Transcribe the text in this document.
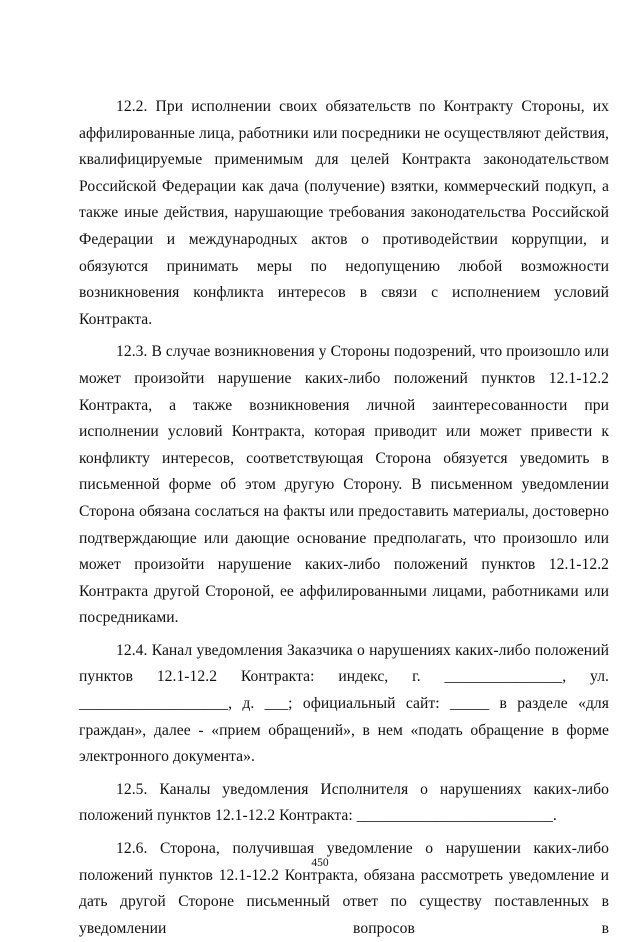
12.2. При исполнении своих обязательств по Контракту Стороны, их аффилированные лица, работники или посредники не осуществляют действия, квалифицируемые применимым для целей Контракта законодательством Российской Федерации как дача (получение) взятки, коммерческий подкуп, а также иные действия, нарушающие требования законодательства Российской Федерации и международных актов о противодействии коррупции, и обязуются принимать меры по недопущению любой возможности возникновения конфликта интересов в связи с исполнением условий Контракта.

12.3. В случае возникновения у Стороны подозрений, что произошло или может произойти нарушение каких-либо положений пунктов 12.1-12.2 Контракта, а также возникновения личной заинтересованности при исполнении условий Контракта, которая приводит или может привести к конфликту интересов, соответствующая Сторона обязуется уведомить в письменной форме об этом другую Сторону. В письменном уведомлении Сторона обязана сослаться на факты или предоставить материалы, достоверно подтверждающие или дающие основание предполагать, что произошло или может произойти нарушение каких-либо положений пунктов 12.1-12.2 Контракта другой Стороной, ее аффилированными лицами, работниками или посредниками.

12.4. Канал уведомления Заказчика о нарушениях каких-либо положений пунктов 12.1-12.2 Контракта: индекс, г. _______________, ул. ___________________, д. ___; официальный сайт: _____ в разделе «для граждан», далее - «прием обращений», в нем «подать обращение в форме электронного документа».

12.5. Каналы уведомления Исполнителя о нарушениях каких-либо положений пунктов 12.1-12.2 Контракта: _________________________.

12.6. Сторона, получившая уведомление о нарушении каких-либо положений пунктов 12.1-12.2 Контракта, обязана рассмотреть уведомление и дать другой Стороне письменный ответ по существу поставленных в уведомлении вопросов в

450
